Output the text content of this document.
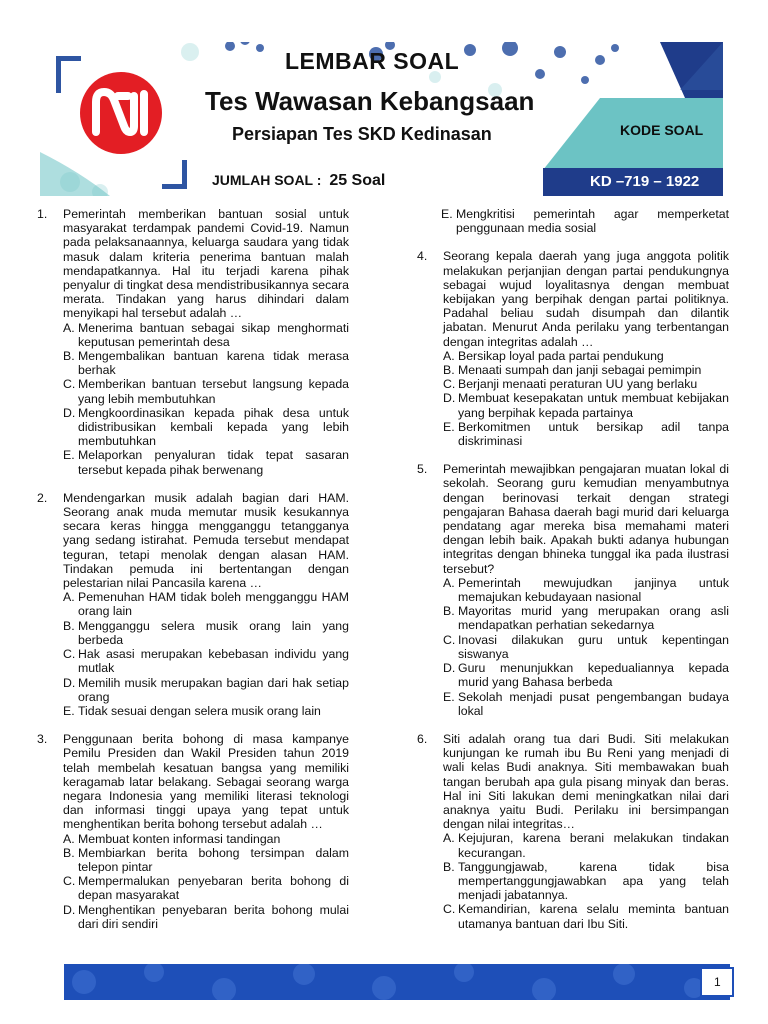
LEMBAR SOAL
Tes Wawasan Kebangsaan
Persiapan Tes SKD Kedinasan	KODE SOAL
JUMLAH SOAL : 25 Soal	KD –719 – 1922
1.	Pemerintah memberikan bantuan sosial untuk masyarakat terdampak pandemi Covid-19. Namun pada pelaksanaannya, keluarga saudara yang tidak masuk dalam kriteria penerima bantuan malah mendapatkannya. Hal itu terjadi karena pihak penyalur di tingkat desa mendistribusikannya secara merata. Tindakan yang harus dihindari dalam menyikapi hal tersebut adalah …
A. Menerima bantuan sebagai sikap menghormati keputusan pemerintah desa
B. Mengembalikan bantuan karena tidak merasa berhak
C. Memberikan bantuan tersebut langsung kepada yang lebih membutuhkan
D. Mengkoordinasikan kepada pihak desa untuk didistribusikan kembali kepada yang lebih membutuhkan
E. Melaporkan penyaluran tidak tepat sasaran tersebut kepada pihak berwenang
2.	Mendengarkan musik adalah bagian dari HAM. Seorang anak muda memutar musik kesukannya secara keras hingga mengganggu tetangganya yang sedang istirahat. Pemuda tersebut mendapat teguran, tetapi menolak dengan alasan HAM. Tindakan pemuda ini bertentangan dengan pelestarian nilai Pancasila karena …
A. Pemenuhan HAM tidak boleh mengganggu HAM orang lain
B. Mengganggu selera musik orang lain yang berbeda
C. Hak asasi merupakan kebebasan individu yang mutlak
D. Memilih musik merupakan bagian dari hak setiap orang
E. Tidak sesuai dengan selera musik orang lain
3.	Penggunaan berita bohong di masa kampanye Pemilu Presiden dan Wakil Presiden tahun 2019 telah membelah kesatuan bangsa yang memiliki keragamab latar belakang. Sebagai seorang warga negara Indonesia yang memiliki literasi teknologi dan informasi tinggi upaya yang tepat untuk menghentikan berita bohong tersebut adalah …
A. Membuat konten informasi tandingan
B. Membiarkan berita bohong tersimpan dalam telepon pintar
C. Mempermalukan penyebaran berita bohong di depan masyarakat
D. Menghentikan penyebaran berita bohong mulai dari diri sendiri
E. Mengkritisi pemerintah agar memperketat penggunaan media sosial
4.	Seorang kepala daerah yang juga anggota politik melakukan perjanjian dengan partai pendukungnya sebagai wujud loyalitasnya dengan membuat kebijakan yang berpihak dengan partai politiknya. Padahal beliau sudah disumpah dan dilantik jabatan. Menurut Anda perilaku yang terbentangan dengan integritas adalah …
A. Bersikap loyal pada partai pendukung
B. Menaati sumpah dan janji sebagai pemimpin
C. Berjanji menaati peraturan UU yang berlaku
D. Membuat kesepakatan untuk membuat kebijakan yang berpihak kepada partainya
E. Berkomitmen untuk bersikap adil tanpa diskriminasi
5.	Pemerintah mewajibkan pengajaran muatan lokal di sekolah. Seorang guru kemudian menyambutnya dengan berinovasi terkait dengan strategi pengajaran Bahasa daerah bagi murid dari keluarga pendatang agar mereka bisa memahami materi dengan lebih baik. Apakah bukti adanya hubungan integritas dengan bhineka tunggal ika pada ilustrasi tersebut?
A. Pemerintah mewujudkan janjinya untuk memajukan kebudayaan nasional
B. Mayoritas murid yang merupakan orang asli mendapatkan perhatian sekedarnya
C. Inovasi dilakukan guru untuk kepentingan siswanya
D. Guru menunjukkan kepedualiannya kepada murid yang Bahasa berbeda
E. Sekolah menjadi pusat pengembangan budaya lokal
6.	Siti adalah orang tua dari Budi. Siti melakukan kunjungan ke rumah ibu Bu Reni yang menjadi di wali kelas Budi anaknya. Siti membawakan buah tangan berubah apa gula pisang minyak dan beras. Hal ini Siti lakukan demi meningkatkan nilai dari anaknya yaitu Budi. Perilaku ini bersimpangan dengan nilai integritas…
A. Kejujuran, karena berani melakukan tindakan kecurangan.
B. Tanggungjawab, karena tidak bisa mempertanggungjawabkan apa yang telah menjadi jabatannya.
C. Kemandirian, karena selalu meminta bantuan utamanya bantuan dari Ibu Siti.
1
